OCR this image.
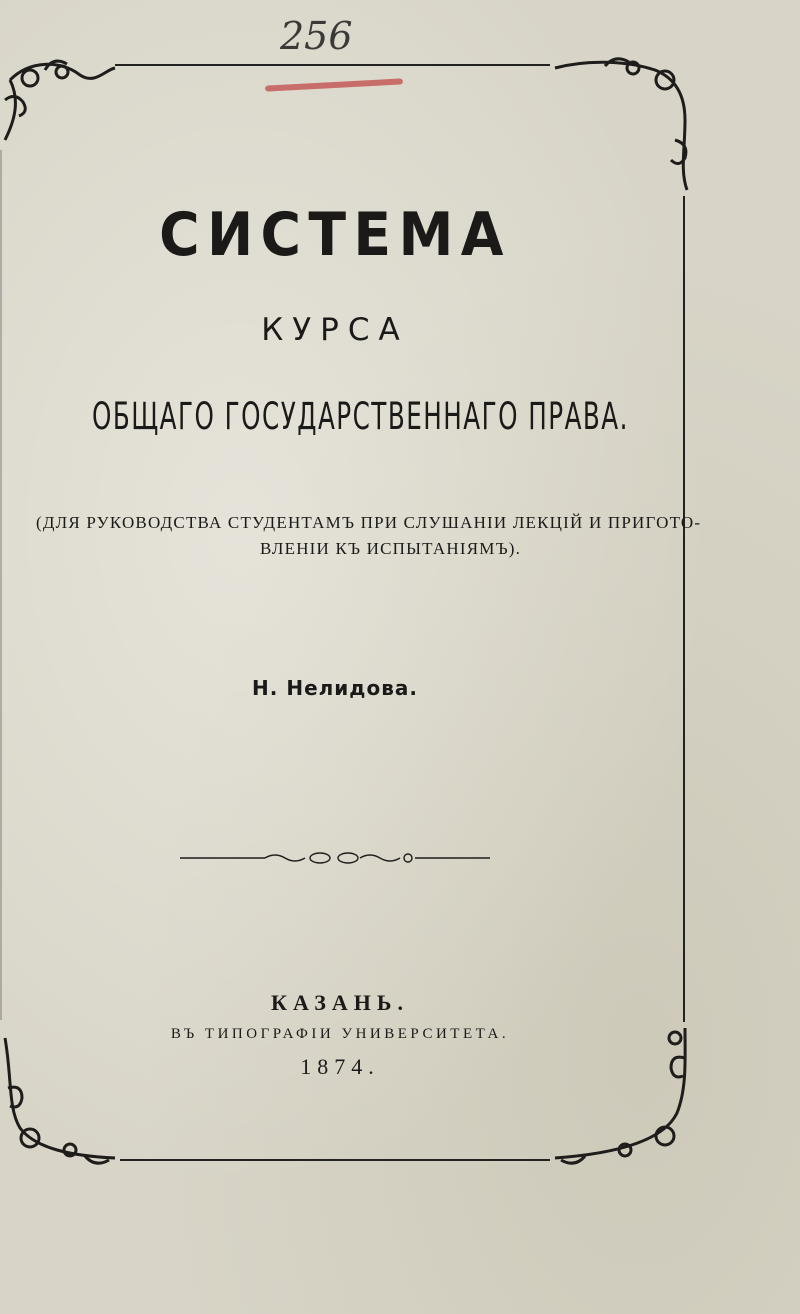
256
СИСТЕМА
КУРСА
ОБЩАГО ГОСУДАРСТВЕННАГО ПРАВА.
(ДЛЯ РУКОВОДСТВА СТУДЕНТАМЪ ПРИ СЛУШАНІИ ЛЕКЦІЙ И ПРИГОТО-
ВЛЕНІИ КЪ ИСПЫТАНІЯМЪ).
Н. Нелидова.
КАЗАНЬ.
ВЪ ТИПОГРАФІИ УНИВЕРСИТЕТА.
1874.
